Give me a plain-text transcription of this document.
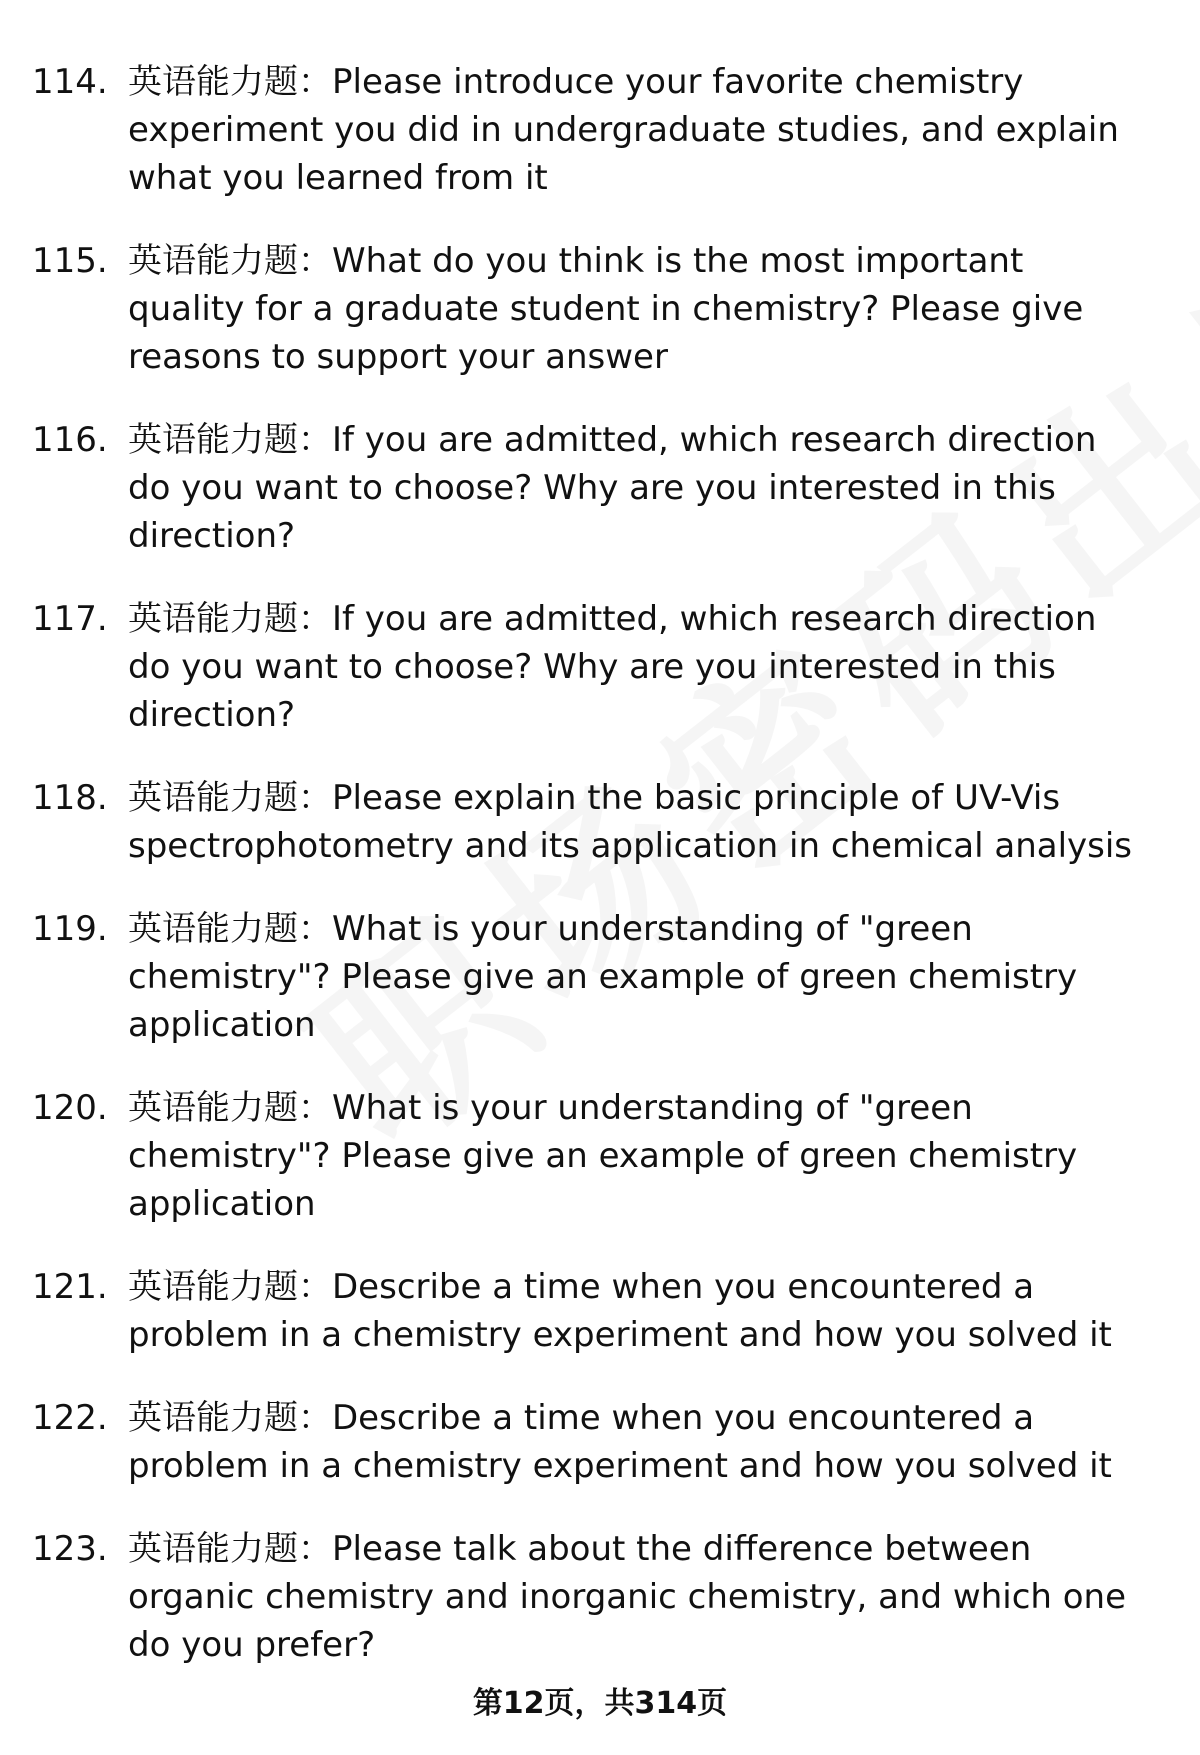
114. 英语能力题：Please introduce your favorite chemistry experiment you did in undergraduate studies, and explain what you learned from it
115. 英语能力题：What do you think is the most important quality for a graduate student in chemistry? Please give reasons to support your answer
116. 英语能力题：If you are admitted, which research direction do you want to choose? Why are you interested in this direction?
117. 英语能力题：If you are admitted, which research direction do you want to choose? Why are you interested in this direction?
118. 英语能力题：Please explain the basic principle of UV-Vis spectrophotometry and its application in chemical analysis
119. 英语能力题：What is your understanding of "green chemistry"? Please give an example of green chemistry application
120. 英语能力题：What is your understanding of "green chemistry"? Please give an example of green chemistry application
121. 英语能力题：Describe a time when you encountered a problem in a chemistry experiment and how you solved it
122. 英语能力题：Describe a time when you encountered a problem in a chemistry experiment and how you solved it
123. 英语能力题：Please talk about the difference between organic chemistry and inorganic chemistry, and which one do you prefer?
第12页，共314页
